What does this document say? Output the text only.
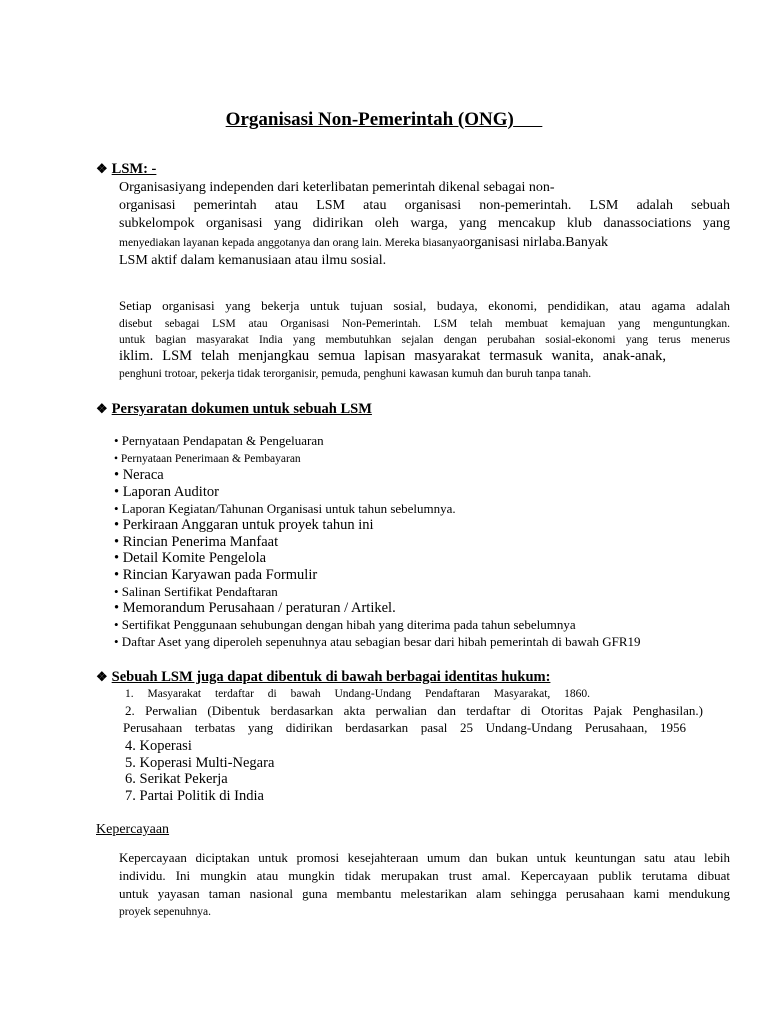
Organisasi Non-Pemerintah (ONG)
❖ LSM: -
Organisasiyang independen dari keterlibatan pemerintah dikenal sebagai non-
organisasi pemerintah atau LSM atau organisasi non-pemerintah. LSM adalah sebuah
subkelompok organisasi yang didirikan oleh warga, yang mencakup klub danassociations yang
menyediakan layanan kepada anggotanya dan orang lain. Mereka biasanyaorganisasi nirlaba.Banyak
LSM aktif dalam kemanusiaan atau ilmu sosial.
Setiap organisasi yang bekerja untuk tujuan sosial, budaya, ekonomi, pendidikan, atau agama adalah
disebut sebagai LSM atau Organisasi Non-Pemerintah. LSM telah membuat kemajuan yang menguntungkan.
untuk bagian masyarakat India yang membutuhkan sejalan dengan perubahan sosial-ekonomi yang terus menerus
iklim. LSM telah menjangkau semua lapisan masyarakat termasuk wanita, anak-anak,
penghuni trotoar, pekerja tidak terorganisir, pemuda, penghuni kawasan kumuh dan buruh tanpa tanah.
❖ Persyaratan dokumen untuk sebuah LSM
• Pernyataan Pendapatan & Pengeluaran
• Pernyataan Penerimaan & Pembayaran
• Neraca
• Laporan Auditor
• Laporan Kegiatan/Tahunan Organisasi untuk tahun sebelumnya.
• Perkiraan Anggaran untuk proyek tahun ini
• Rincian Penerima Manfaat
• Detail Komite Pengelola
• Rincian Karyawan pada Formulir
• Salinan Sertifikat Pendaftaran
• Memorandum Perusahaan / peraturan / Artikel.
• Sertifikat Penggunaan sehubungan dengan hibah yang diterima pada tahun sebelumnya
• Daftar Aset yang diperoleh sepenuhnya atau sebagian besar dari hibah pemerintah di bawah GFR19
❖ Sebuah LSM juga dapat dibentuk di bawah berbagai identitas hukum:
1. Masyarakat terdaftar di bawah Undang-Undang Pendaftaran Masyarakat, 1860.
2. Perwalian (Dibentuk berdasarkan akta perwalian dan terdaftar di Otoritas Pajak Penghasilan.)
Perusahaan terbatas yang didirikan berdasarkan pasal 25 Undang-Undang Perusahaan, 1956
4. Koperasi
5. Koperasi Multi-Negara
6. Serikat Pekerja
7. Partai Politik di India
Kepercayaan
Kepercayaan diciptakan untuk promosi kesejahteraan umum dan bukan untuk keuntungan satu atau lebih
individu. Ini mungkin atau mungkin tidak merupakan trust amal. Kepercayaan publik terutama dibuat
untuk yayasan taman nasional guna membantu melestarikan alam sehingga perusahaan kami mendukung
proyek sepenuhnya.
